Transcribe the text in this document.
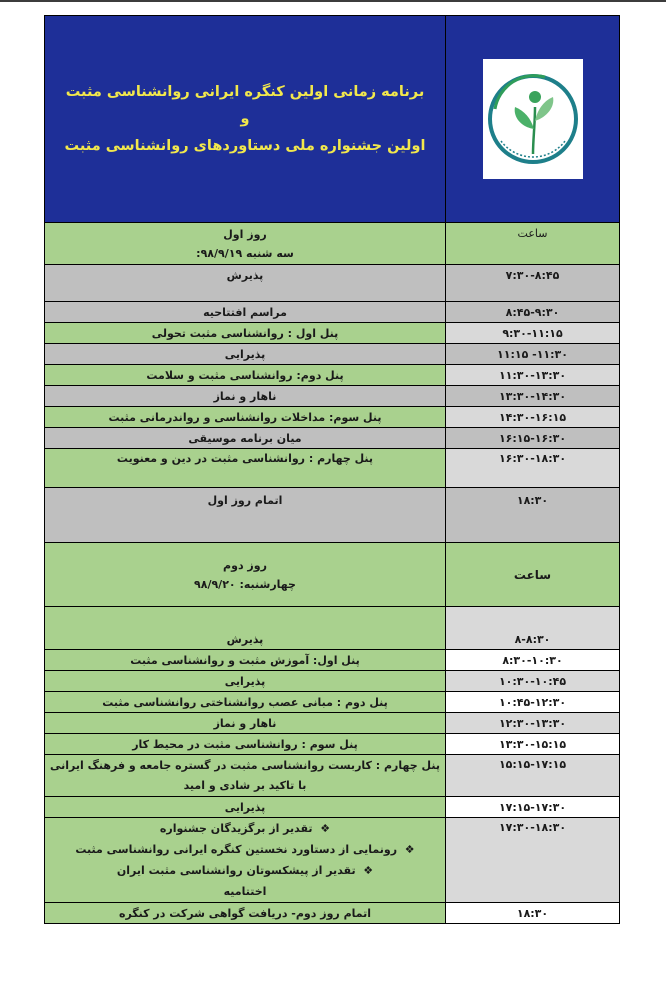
برنامه زمانی اولین کنگره ایرانی روانشناسی مثبت و
اولین جشنواره ملی دستاوردهای روانشناسی مثبت

روز اول
سه شنبه ۹۸/۹/۱۹:	ساعت
پذیرش	۷:۳۰-۸:۴۵
مراسم افتتاحیه	۸:۴۵-۹:۳۰
پنل اول : روانشناسی مثبت تحولی	۹:۳۰-۱۱:۱۵
پذیرایی	۱۱:۱۵ -۱۱:۳۰
پنل دوم: روانشناسی مثبت و سلامت	۱۱:۳۰-۱۳:۳۰
ناهار و نماز	۱۳:۳۰-۱۴:۳۰
پنل سوم: مداخلات روانشناسی و رواندرمانی مثبت	۱۴:۳۰-۱۶:۱۵
میان برنامه موسیقی	۱۶:۱۵-۱۶:۳۰
پنل چهارم : روانشناسی مثبت در دین و معنویت	۱۶:۳۰-۱۸:۳۰
اتمام روز اول	۱۸:۳۰

روز دوم
چهارشنبه: ۹۸/۹/۲۰	ساعت
پذیرش	۸-۸:۳۰
پنل اول: آموزش مثبت و روانشناسی مثبت	۸:۳۰-۱۰:۳۰
پذیرایی	۱۰:۳۰-۱۰:۴۵
پنل دوم : مبانی عصب روانشناختی روانشناسی مثبت	۱۰:۴۵-۱۲:۳۰
ناهار و نماز	۱۲:۳۰-۱۳:۳۰
پنل سوم : روانشناسی مثبت در محیط کار	۱۳:۳۰-۱۵:۱۵

پنل چهارم : کاربست روانشناسی مثبت در گستره جامعه و فرهنگ ایرانی
با تاکید بر شادی و امید	۱۵:۱۵-۱۷:۱۵
پذیرایی	۱۷:۱۵-۱۷:۳۰

❖  تقدیر از برگزیدگان جشنواره
❖  رونمایی از دستاورد نخستین کنگره ایرانی روانشناسی مثبت
❖  تقدیر از پیشکسوتان روانشناسی مثبت ایران
اختتامیه	۱۷:۳۰-۱۸:۳۰
اتمام روز دوم- دریافت گواهی شرکت در کنگره	۱۸:۳۰
